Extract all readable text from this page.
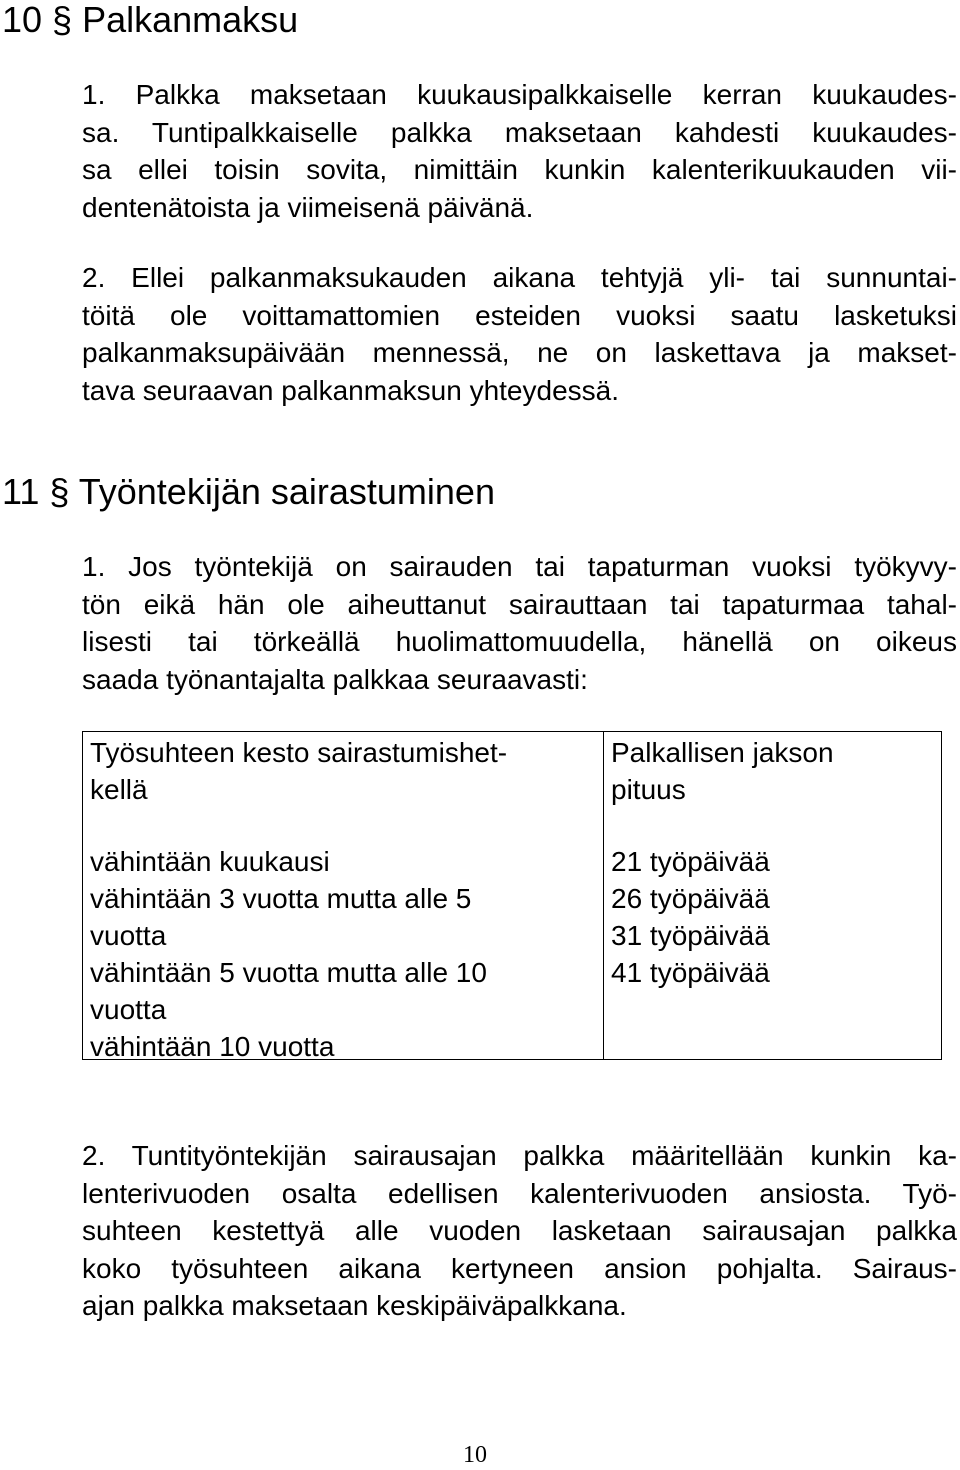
10 § Palkanmaksu
1. Palkka maksetaan kuukausipalkkaiselle kerran kuukaudes-
sa. Tuntipalkkaiselle palkka maksetaan kahdesti kuukaudes-
sa ellei toisin sovita, nimittäin kunkin kalenterikuukauden vii-
dentenätoista ja viimeisenä päivänä.
2. Ellei palkanmaksukauden aikana tehtyjä yli- tai sunnuntai-
töitä ole voittamattomien esteiden vuoksi saatu lasketuksi
palkanmaksupäivään mennessä, ne on laskettava ja makset-
tava seuraavan palkanmaksun yhteydessä.
11 § Työntekijän sairastuminen
1. Jos työntekijä on sairauden tai tapaturman vuoksi työkyvy-
tön eikä hän ole aiheuttanut sairauttaan tai tapaturmaa tahal-
lisesti tai törkeällä huolimattomuudella, hänellä on oikeus
saada työnantajalta palkkaa seuraavasti:
Työsuhteen kesto sairastumishet-
kellä
vähintään kuukausi
vähintään 3 vuotta mutta alle 5
vuotta
vähintään 5 vuotta mutta alle 10
vuotta
vähintään 10 vuotta
Palkallisen jakson
pituus
21 työpäivää
26 työpäivää
31 työpäivää
41 työpäivää
2. Tuntityöntekijän sairausajan palkka määritellään kunkin ka-
lenterivuoden osalta edellisen kalenterivuoden ansiosta. Työ-
suhteen kestettyä alle vuoden lasketaan sairausajan palkka
koko työsuhteen aikana kertyneen ansion pohjalta. Sairaus-
ajan palkka maksetaan keskipäiväpalkkana.
10
